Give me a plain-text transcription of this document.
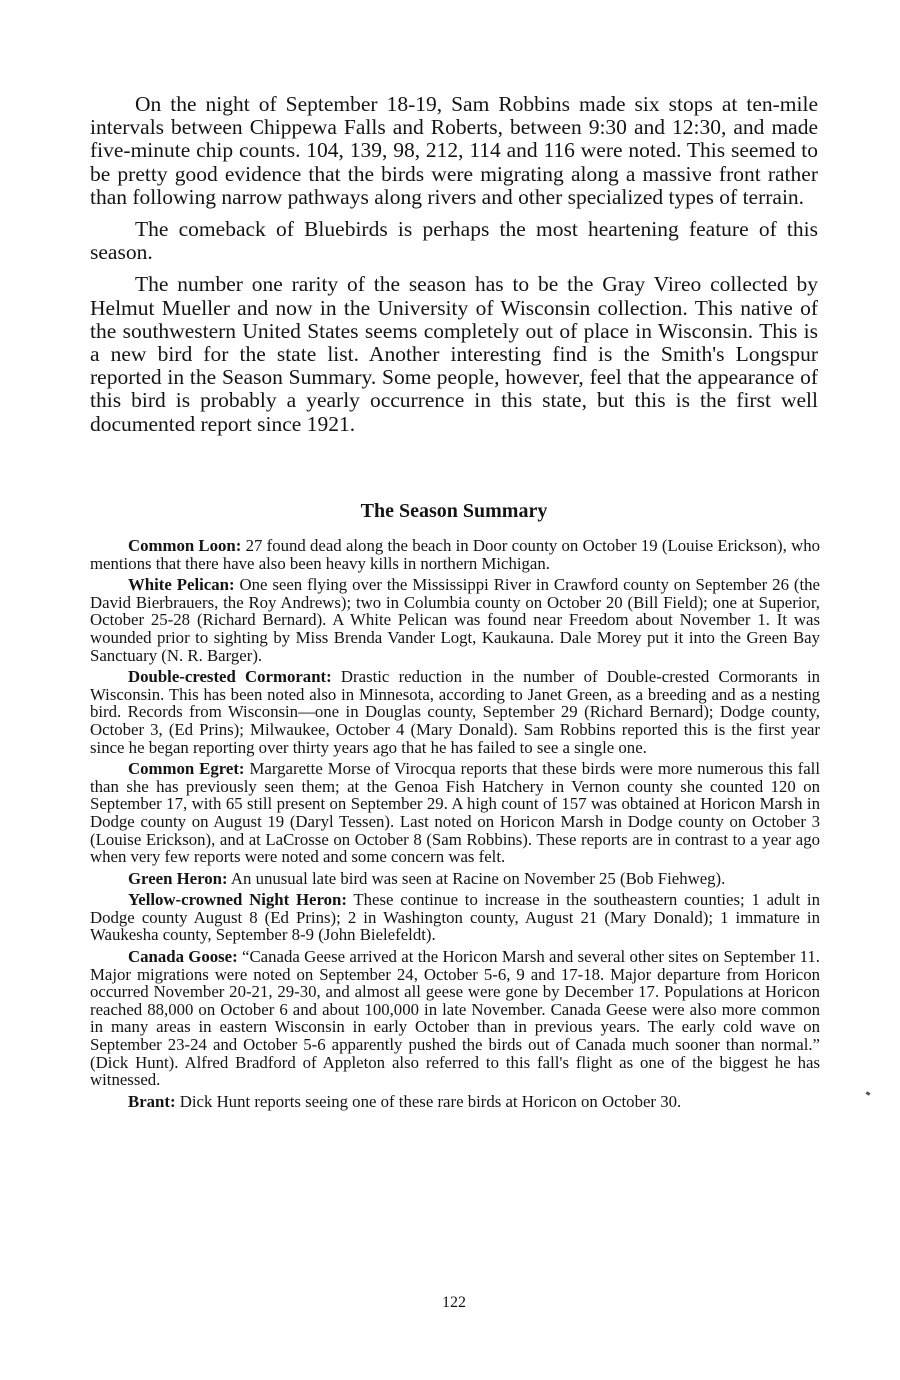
On the night of September 18-19, Sam Robbins made six stops at ten-mile intervals between Chippewa Falls and Roberts, between 9:30 and 12:30, and made five-minute chip counts. 104, 139, 98, 212, 114 and 116 were noted. This seemed to be pretty good evidence that the birds were migrating along a massive front rather than following narrow pathways along rivers and other specialized types of terrain.

The comeback of Bluebirds is perhaps the most heartening feature of this season.

The number one rarity of the season has to be the Gray Vireo collected by Helmut Mueller and now in the University of Wisconsin collection. This native of the southwestern United States seems completely out of place in Wisconsin. This is a new bird for the state list. Another interesting find is the Smith's Longspur reported in the Season Summary. Some people, however, feel that the appearance of this bird is probably a yearly occurrence in this state, but this is the first well documented report since 1921.

The Season Summary

Common Loon: 27 found dead along the beach in Door county on October 19 (Louise Erickson), who mentions that there have also been heavy kills in northern Michigan.

White Pelican: One seen flying over the Mississippi River in Crawford county on September 26 (the David Bierbrauers, the Roy Andrews); two in Columbia county on October 20 (Bill Field); one at Superior, October 25-28 (Richard Bernard). A White Pelican was found near Freedom about November 1. It was wounded prior to sighting by Miss Brenda Vander Logt, Kaukauna. Dale Morey put it into the Green Bay Sanctuary (N. R. Barger).

Double-crested Cormorant: Drastic reduction in the number of Double-crested Cormorants in Wisconsin. This has been noted also in Minnesota, according to Janet Green, as a breeding and as a nesting bird. Records from Wisconsin—one in Douglas county, September 29 (Richard Bernard); Dodge county, October 3, (Ed Prins); Milwaukee, October 4 (Mary Donald). Sam Robbins reported this is the first year since he began reporting over thirty years ago that he has failed to see a single one.

Common Egret: Margarette Morse of Virocqua reports that these birds were more numerous this fall than she has previously seen them; at the Genoa Fish Hatchery in Vernon county she counted 120 on September 17, with 65 still present on September 29. A high count of 157 was obtained at Horicon Marsh in Dodge county on August 19 (Daryl Tessen). Last noted on Horicon Marsh in Dodge county on October 3 (Louise Erickson), and at LaCrosse on October 8 (Sam Robbins). These reports are in contrast to a year ago when very few reports were noted and some concern was felt.

Green Heron: An unusual late bird was seen at Racine on November 25 (Bob Fiehweg).

Yellow-crowned Night Heron: These continue to increase in the southeastern counties; 1 adult in Dodge county August 8 (Ed Prins); 2 in Washington county, August 21 (Mary Donald); 1 immature in Waukesha county, September 8-9 (John Bielefeldt).

Canada Goose: “Canada Geese arrived at the Horicon Marsh and several other sites on September 11. Major migrations were noted on September 24, October 5-6, 9 and 17-18. Major departure from Horicon occurred November 20-21, 29-30, and almost all geese were gone by December 17. Populations at Horicon reached 88,000 on October 6 and about 100,000 in late November. Canada Geese were also more common in many areas in eastern Wisconsin in early October than in previous years. The early cold wave on September 23-24 and October 5-6 apparently pushed the birds out of Canada much sooner than normal.” (Dick Hunt). Alfred Bradford of Appleton also referred to this fall's flight as one of the biggest he has witnessed.

Brant: Dick Hunt reports seeing one of these rare birds at Horicon on October 30.

122
